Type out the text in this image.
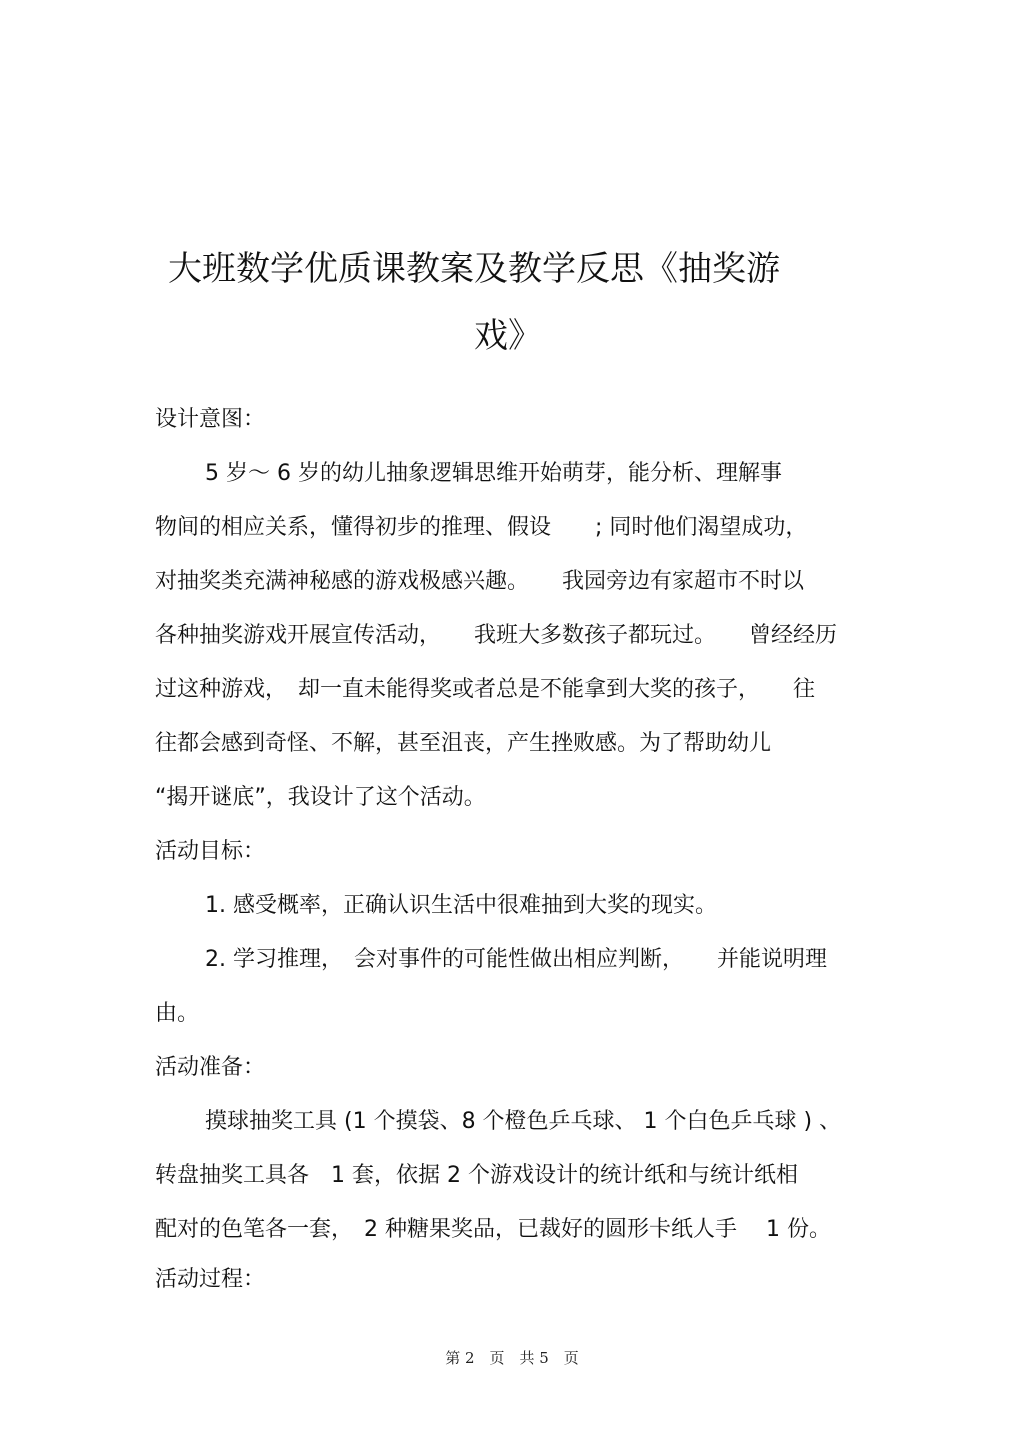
大班数学优质课教案及教学反思《抽奖游
戏》
设计意图：
5 岁～ 6 岁的幼儿抽象逻辑思维开始萌芽，能分析、理解事
物间的相应关系，懂得初步的推理、假设　　; 同时他们渴望成功，
对抽奖类充满神秘感的游戏极感兴趣。　　我园旁边有家超市不时以
各种抽奖游戏开展宣传活动，　　我班大多数孩子都玩过。　　曾经经历
过这种游戏，　却一直未能得奖或者总是不能拿到大奖的孩子，　　往
往都会感到奇怪、不解，甚至沮丧，产生挫败感。为了帮助幼儿
“揭开谜底”，我设计了这个活动。
活动目标：
1. 感受概率，正确认识生活中很难抽到大奖的现实。
2. 学习推理，　会对事件的可能性做出相应判断，　　并能说明理
由。
活动准备：
摸球抽奖工具 (1 个摸袋、8 个橙色乒乓球、 1 个白色乒乓球 ) 、
转盘抽奖工具各　1 套，依据 2 个游戏设计的统计纸和与统计纸相
配对的色笔各一套，　2 种糖果奖品，已裁好的圆形卡纸人手　 1 份。
活动过程：
第 2　页　共 5　页
